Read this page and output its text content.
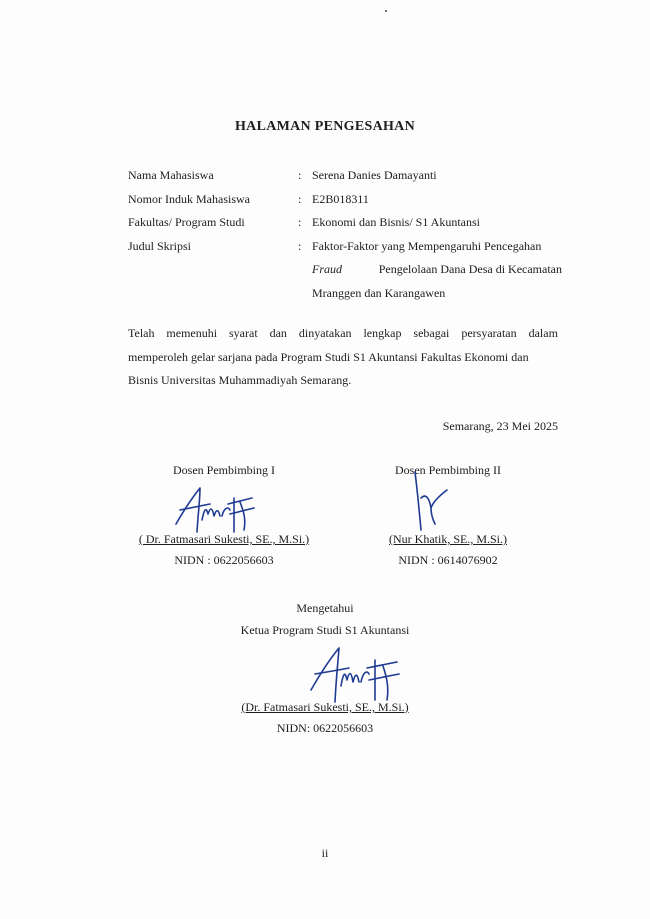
HALAMAN PENGESAHAN
Nama Mahasiswa	: Serena Danies Damayanti
Nomor Induk Mahasiswa	: E2B018311
Fakultas/ Program Studi	: Ekonomi dan Bisnis/ S1 Akuntansi
Judul Skripsi	: Faktor-Faktor yang Mempengaruhi Pencegahan
Fraud	Pengelolaan Dana Desa di Kecamatan
Mranggen dan Karangawen
Telah memenuhi syarat dan dinyatakan lengkap sebagai persyaratan dalam
memperoleh gelar sarjana pada Program Studi S1 Akuntansi Fakultas Ekonomi dan
Bisnis Universitas Muhammadiyah Semarang.
Semarang, 23 Mei 2025
Dosen Pembimbing I
( Dr. Fatmasari Sukesti, SE., M.Si.)
NIDN : 0622056603
Dosen Pembimbing II
(Nur Khatik, SE., M.Si.)
NIDN : 0614076902
Mengetahui
Ketua Program Studi S1 Akuntansi
(Dr. Fatmasari Sukesti, SE., M.Si.)
NIDN: 0622056603
ii
